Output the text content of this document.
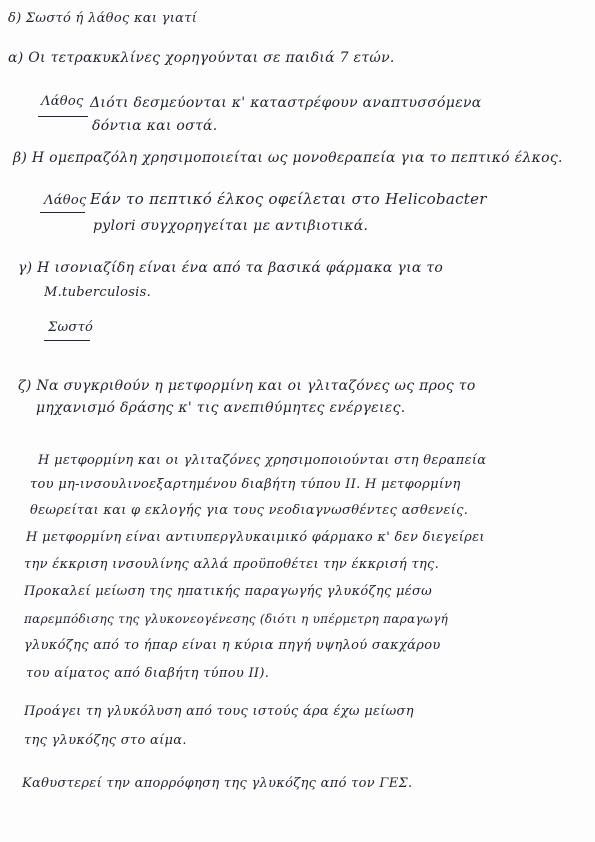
δ) Σωστό ή λάθος και γιατί
α) Οι τετρακυκλίνες χορηγούνται σε παιδιά 7 ετών.
Λάθος Διότι δεσμεύονται κ' καταστρέφουν αναπτυσσόμενα
δόντια και οστά.
β) Η ομεπραζόλη χρησιμοποιείται ως μονοθεραπεία για το πεπτικό έλκος.
Λάθος Εάν το πεπτικό έλκος οφείλεται στο Helicobacter
pylori συγχορηγείται με αντιβιοτικά.
γ) Η ισονιαζίδη είναι ένα από τα βασικά φάρμακα για το
M.tuberculosis.
Σωστό
ζ) Να συγκριθούν η μετφορμίνη και οι γλιταζόνες ως προς το
μηχανισμό δράσης κ' τις ανεπιθύμητες ενέργειες.
Η μετφορμίνη και οι γλιταζόνες χρησιμοποιούνται στη θεραπεία
του μη-ινσουλινοεξαρτημένου διαβήτη τύπου II. Η μετφορμίνη
θεωρείται και φ εκλογής για τους νεοδιαγνωσθέντες ασθενείς.
Η μετφορμίνη είναι αντιυπεργλυκαιμικό φάρμακο κ' δεν διεγείρει
την έκκριση ινσουλίνης αλλά προϋποθέτει την έκκρισή της.
Προκαλεί μείωση της ηπατικής παραγωγής γλυκόζης μέσω
παρεμπόδισης της γλυκονεογένεσης (διότι η υπέρμετρη παραγωγή
γλυκόζης από το ήπαρ είναι η κύρια πηγή υψηλού σακχάρου
του αίματος από διαβήτη τύπου II).
Προάγει τη γλυκόλυση από τους ιστούς άρα έχω μείωση
της γλυκόζης στο αίμα.
Καθυστερεί την απορρόφηση της γλυκόζης από τον ΓΕΣ.
